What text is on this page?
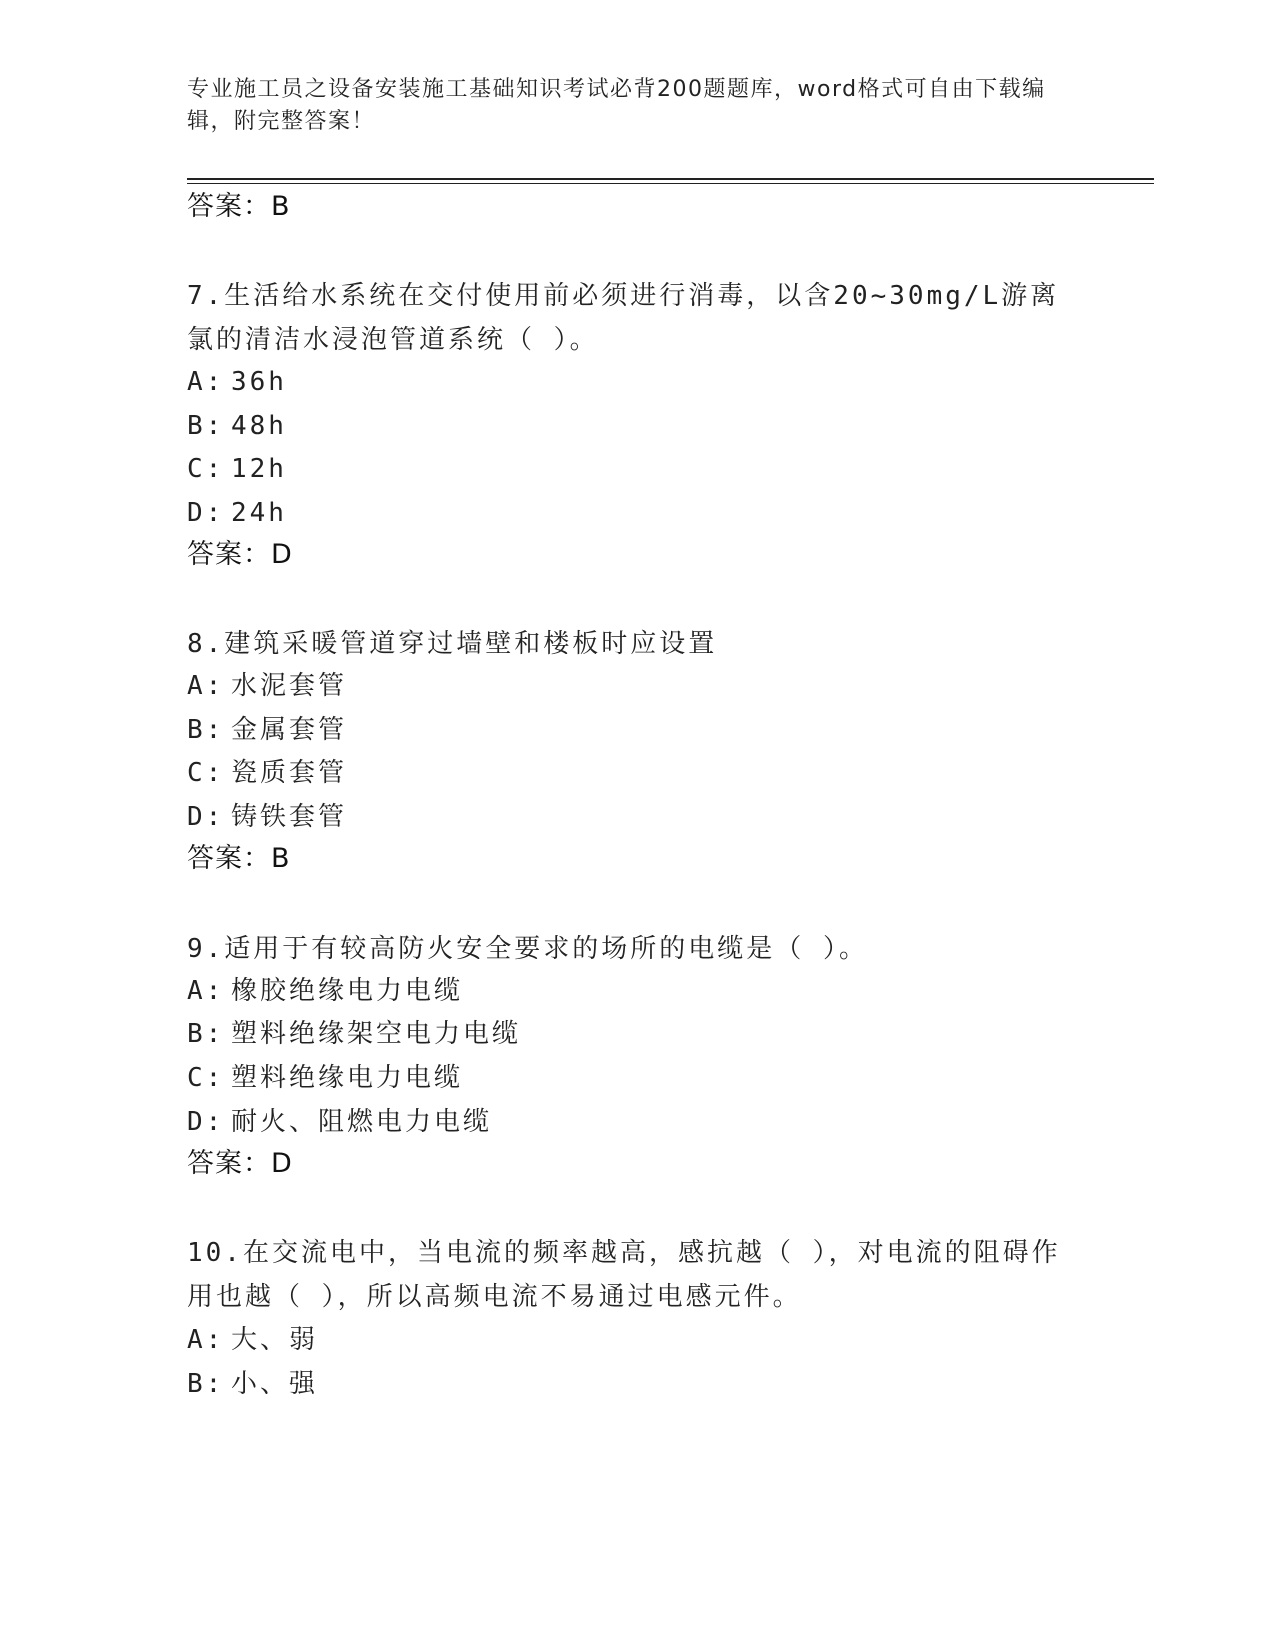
专业施工员之设备安装施工基础知识考试必背200题题库，word格式可自由下载编辑，附完整答案！
答案：B
7.生活给水系统在交付使用前必须进行消毒，以含20~30mg/L游离氯的清洁水浸泡管道系统（ ）。
A: 36h
B: 48h
C: 12h
D: 24h
答案：D
8.建筑采暖管道穿过墙壁和楼板时应设置
A: 水泥套管
B: 金属套管
C: 瓷质套管
D: 铸铁套管
答案：B
9.适用于有较高防火安全要求的场所的电缆是（ ）。
A: 橡胶绝缘电力电缆
B: 塑料绝缘架空电力电缆
C: 塑料绝缘电力电缆
D: 耐火、阻燃电力电缆
答案：D
10.在交流电中，当电流的频率越高，感抗越（ ），对电流的阻碍作用也越（ ），所以高频电流不易通过电感元件。
A: 大、弱
B: 小、强
